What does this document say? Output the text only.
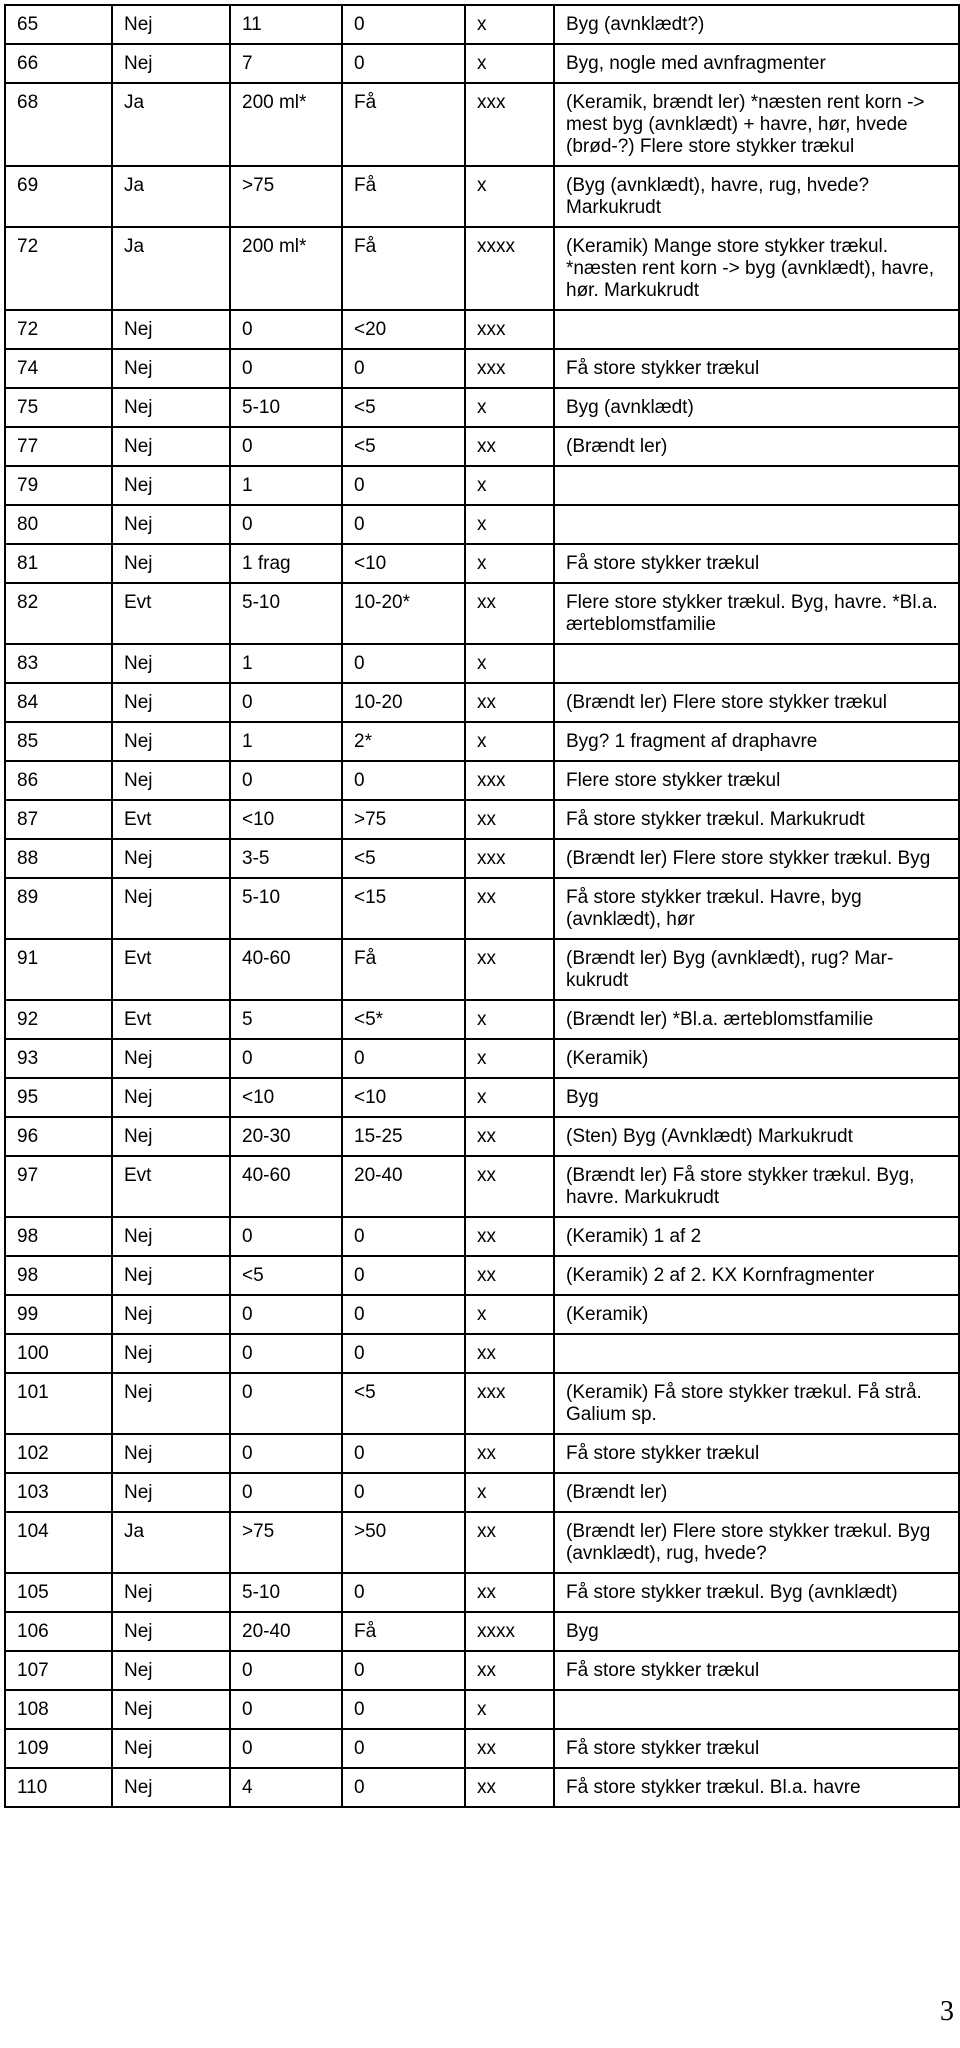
65	Nej	11	0	x	Byg (avnklædt?)
66	Nej	7	0	x	Byg, nogle med avnfragmenter
68	Ja	200 ml*	Få	xxx	(Keramik, brændt ler) *næsten rent korn -> mest byg (avnklædt) + havre, hør, hvede (brød-?) Flere store stykker trækul
69	Ja	>75	Få	x	(Byg (avnklædt), havre, rug, hvede? Markukrudt
72	Ja	200 ml*	Få	xxxx	(Keramik) Mange store stykker trækul. *næsten rent korn -> byg (avnklædt), havre, hør. Markukrudt
72	Nej	0	<20	xxx	
74	Nej	0	0	xxx	Få store stykker trækul
75	Nej	5-10	<5	x	Byg (avnklædt)
77	Nej	0	<5	xx	(Brændt ler)
79	Nej	1	0	x	
80	Nej	0	0	x	
81	Nej	1 frag	<10	x	Få store stykker trækul
82	Evt	5-10	10-20*	xx	Flere store stykker trækul. Byg, havre. *Bl.a. ærteblomstfamilie
83	Nej	1	0	x	
84	Nej	0	10-20	xx	(Brændt ler) Flere store stykker trækul
85	Nej	1	2*	x	Byg? 1 fragment af draphavre
86	Nej	0	0	xxx	Flere store stykker trækul
87	Evt	<10	>75	xx	Få store stykker trækul. Markukrudt
88	Nej	3-5	<5	xxx	(Brændt ler) Flere store stykker trækul. Byg
89	Nej	5-10	<15	xx	Få store stykker trækul. Havre, byg (avnklædt), hør
91	Evt	40-60	Få	xx	(Brændt ler) Byg (avnklædt), rug? Mar-kukrudt
92	Evt	5	<5*	x	(Brændt ler) *Bl.a. ærteblomstfamilie
93	Nej	0	0	x	(Keramik)
95	Nej	<10	<10	x	Byg
96	Nej	20-30	15-25	xx	(Sten) Byg (Avnklædt) Markukrudt
97	Evt	40-60	20-40	xx	(Brændt ler) Få store stykker trækul. Byg, havre. Markukrudt
98	Nej	0	0	xx	(Keramik) 1 af 2
98	Nej	<5	0	xx	(Keramik) 2 af 2. KX Kornfragmenter
99	Nej	0	0	x	(Keramik)
100	Nej	0	0	xx	
101	Nej	0	<5	xxx	(Keramik) Få store stykker trækul. Få strå. Galium sp.
102	Nej	0	0	xx	Få store stykker trækul
103	Nej	0	0	x	(Brændt ler)
104	Ja	>75	>50	xx	(Brændt ler) Flere store stykker trækul. Byg (avnklædt), rug, hvede?
105	Nej	5-10	0	xx	Få store stykker trækul. Byg (avnklædt)
106	Nej	20-40	Få	xxxx	Byg
107	Nej	0	0	xx	Få store stykker trækul
108	Nej	0	0	x	
109	Nej	0	0	xx	Få store stykker trækul
110	Nej	4	0	xx	Få store stykker trækul. Bl.a. havre
3
